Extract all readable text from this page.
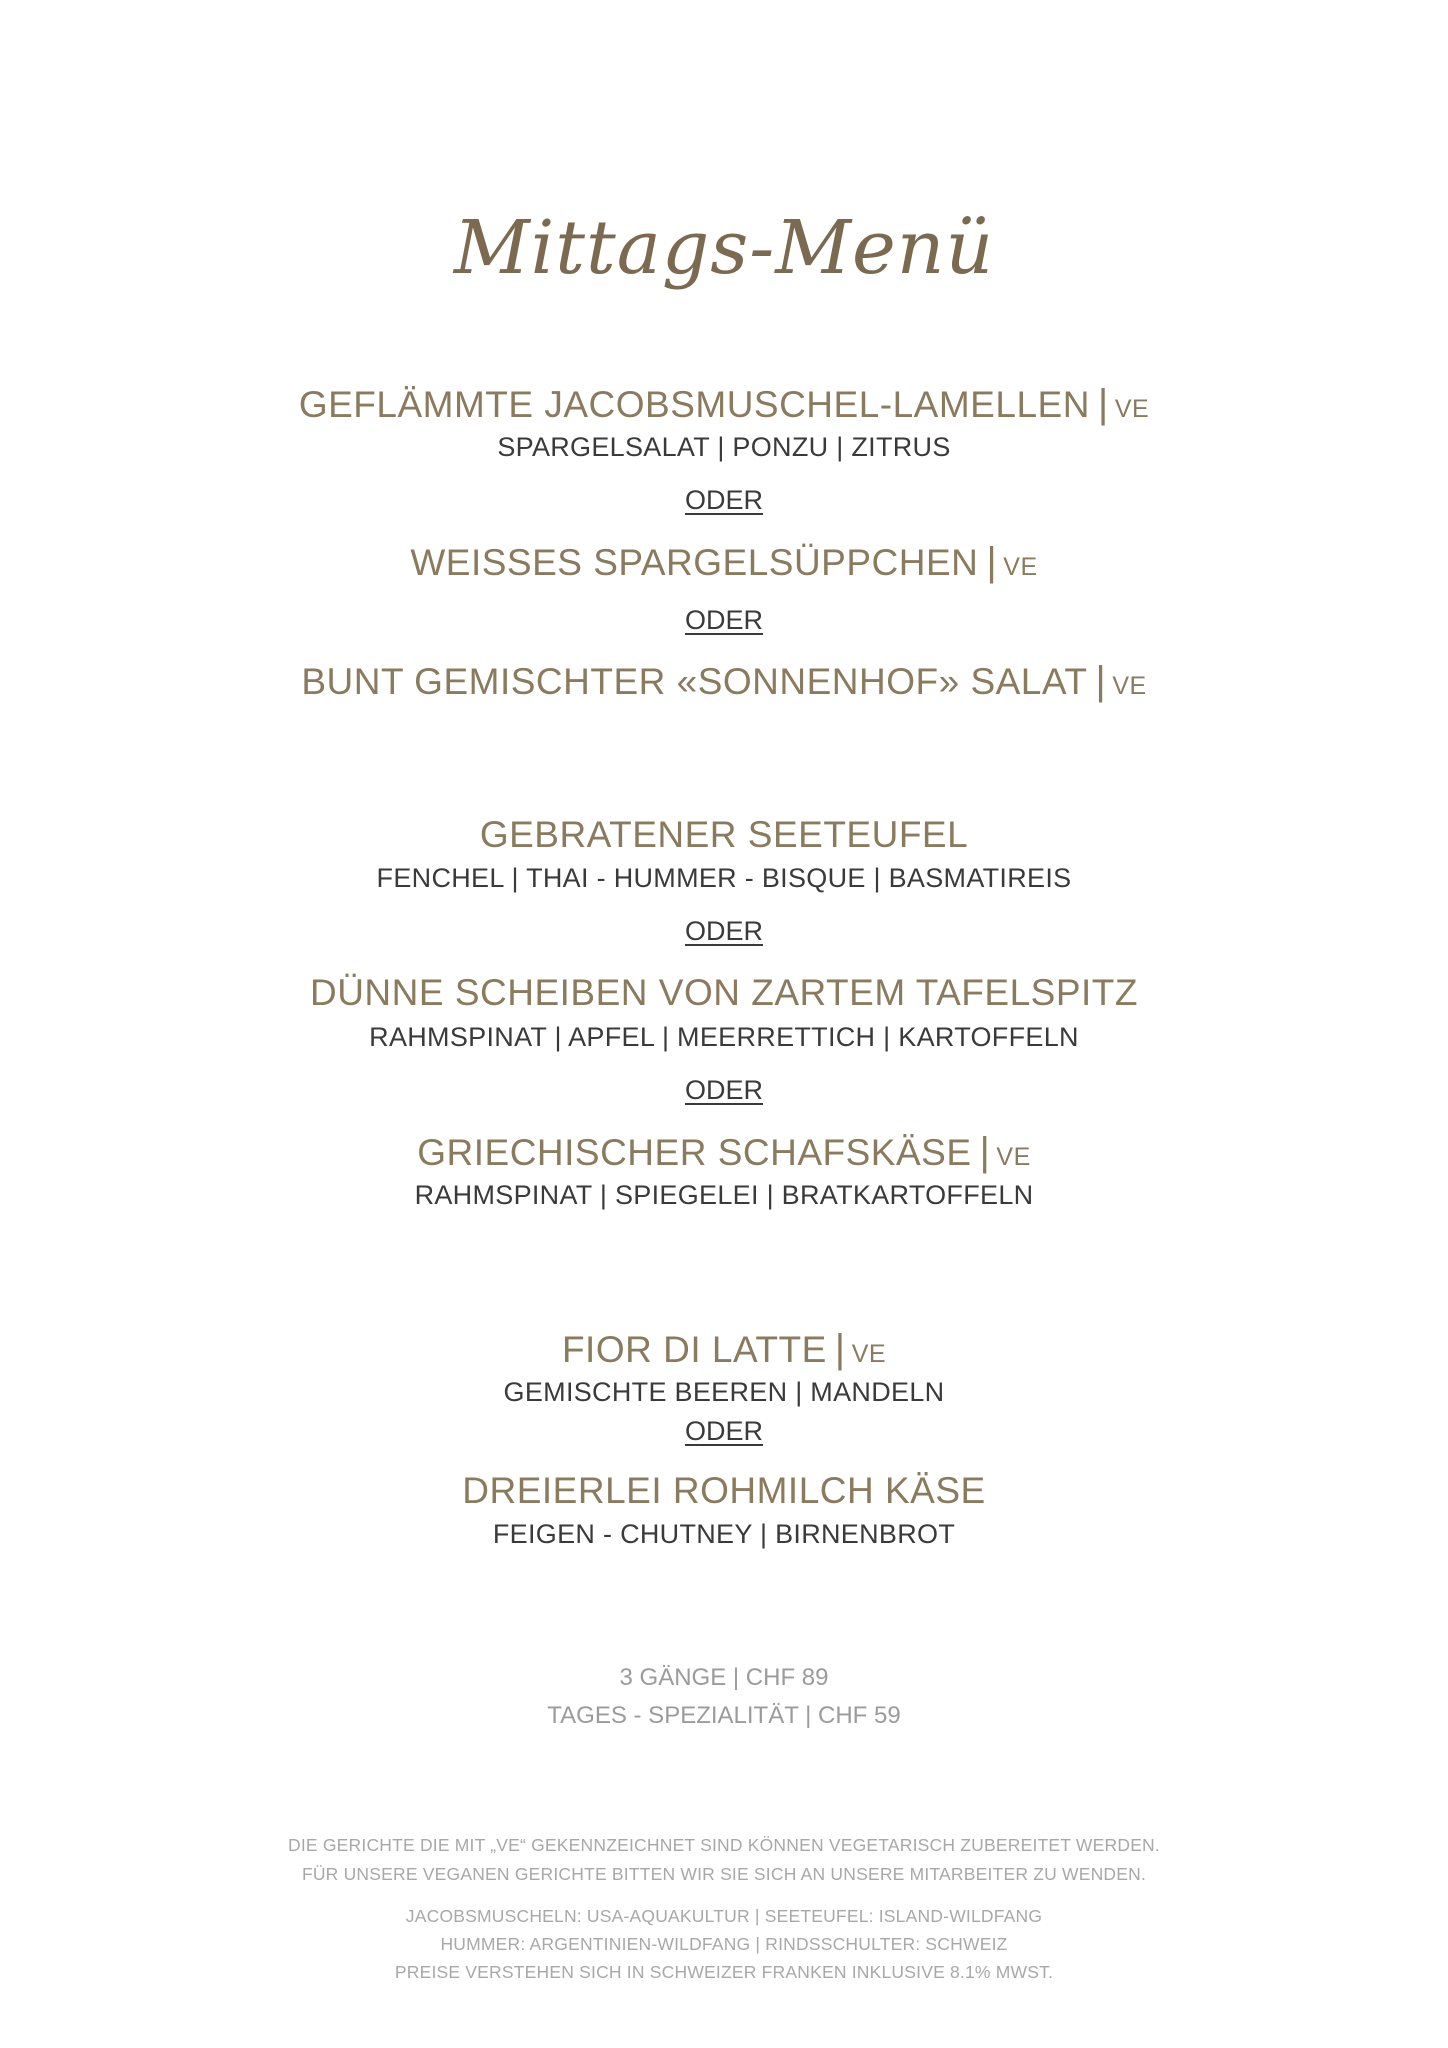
Mittags-Menü
GEFLÄMMTE JACOBSMUSCHEL-LAMELLEN | VE
SPARGELSALAT | PONZU | ZITRUS
ODER
WEISSES SPARGELSÜPPCHEN | VE
ODER
BUNT GEMISCHTER «SONNENHOF» SALAT | VE
GEBRATENER SEETEUFEL
FENCHEL | THAI - HUMMER - BISQUE | BASMATIREIS
ODER
DÜNNE SCHEIBEN VON ZARTEM TAFELSPITZ
RAHMSPINAT | APFEL | MEERRETTICH | KARTOFFELN
ODER
GRIECHISCHER SCHAFSKÄSE | VE
RAHMSPINAT | SPIEGELEI | BRATKARTOFFELN
FIOR DI LATTE | VE
GEMISCHTE BEEREN | MANDELN
ODER
DREIERLEI ROHMILCH KÄSE
FEIGEN - CHUTNEY | BIRNENBROT
3 GÄNGE | CHF 89
TAGES - SPEZIALITÄT | CHF 59
DIE GERICHTE DIE MIT „VE“ GEKENNZEICHNET SIND KÖNNEN VEGETARISCH ZUBEREITET WERDEN.
FÜR UNSERE VEGANEN GERICHTE BITTEN WIR SIE SICH AN UNSERE MITARBEITER ZU WENDEN.
JACOBSMUSCHELN: USA-AQUAKULTUR | SEETEUFEL: ISLAND-WILDFANG
HUMMER: ARGENTINIEN-WILDFANG | RINDSSCHULTER: SCHWEIZ
PREISE VERSTEHEN SICH IN SCHWEIZER FRANKEN INKLUSIVE 8.1% MWST.
